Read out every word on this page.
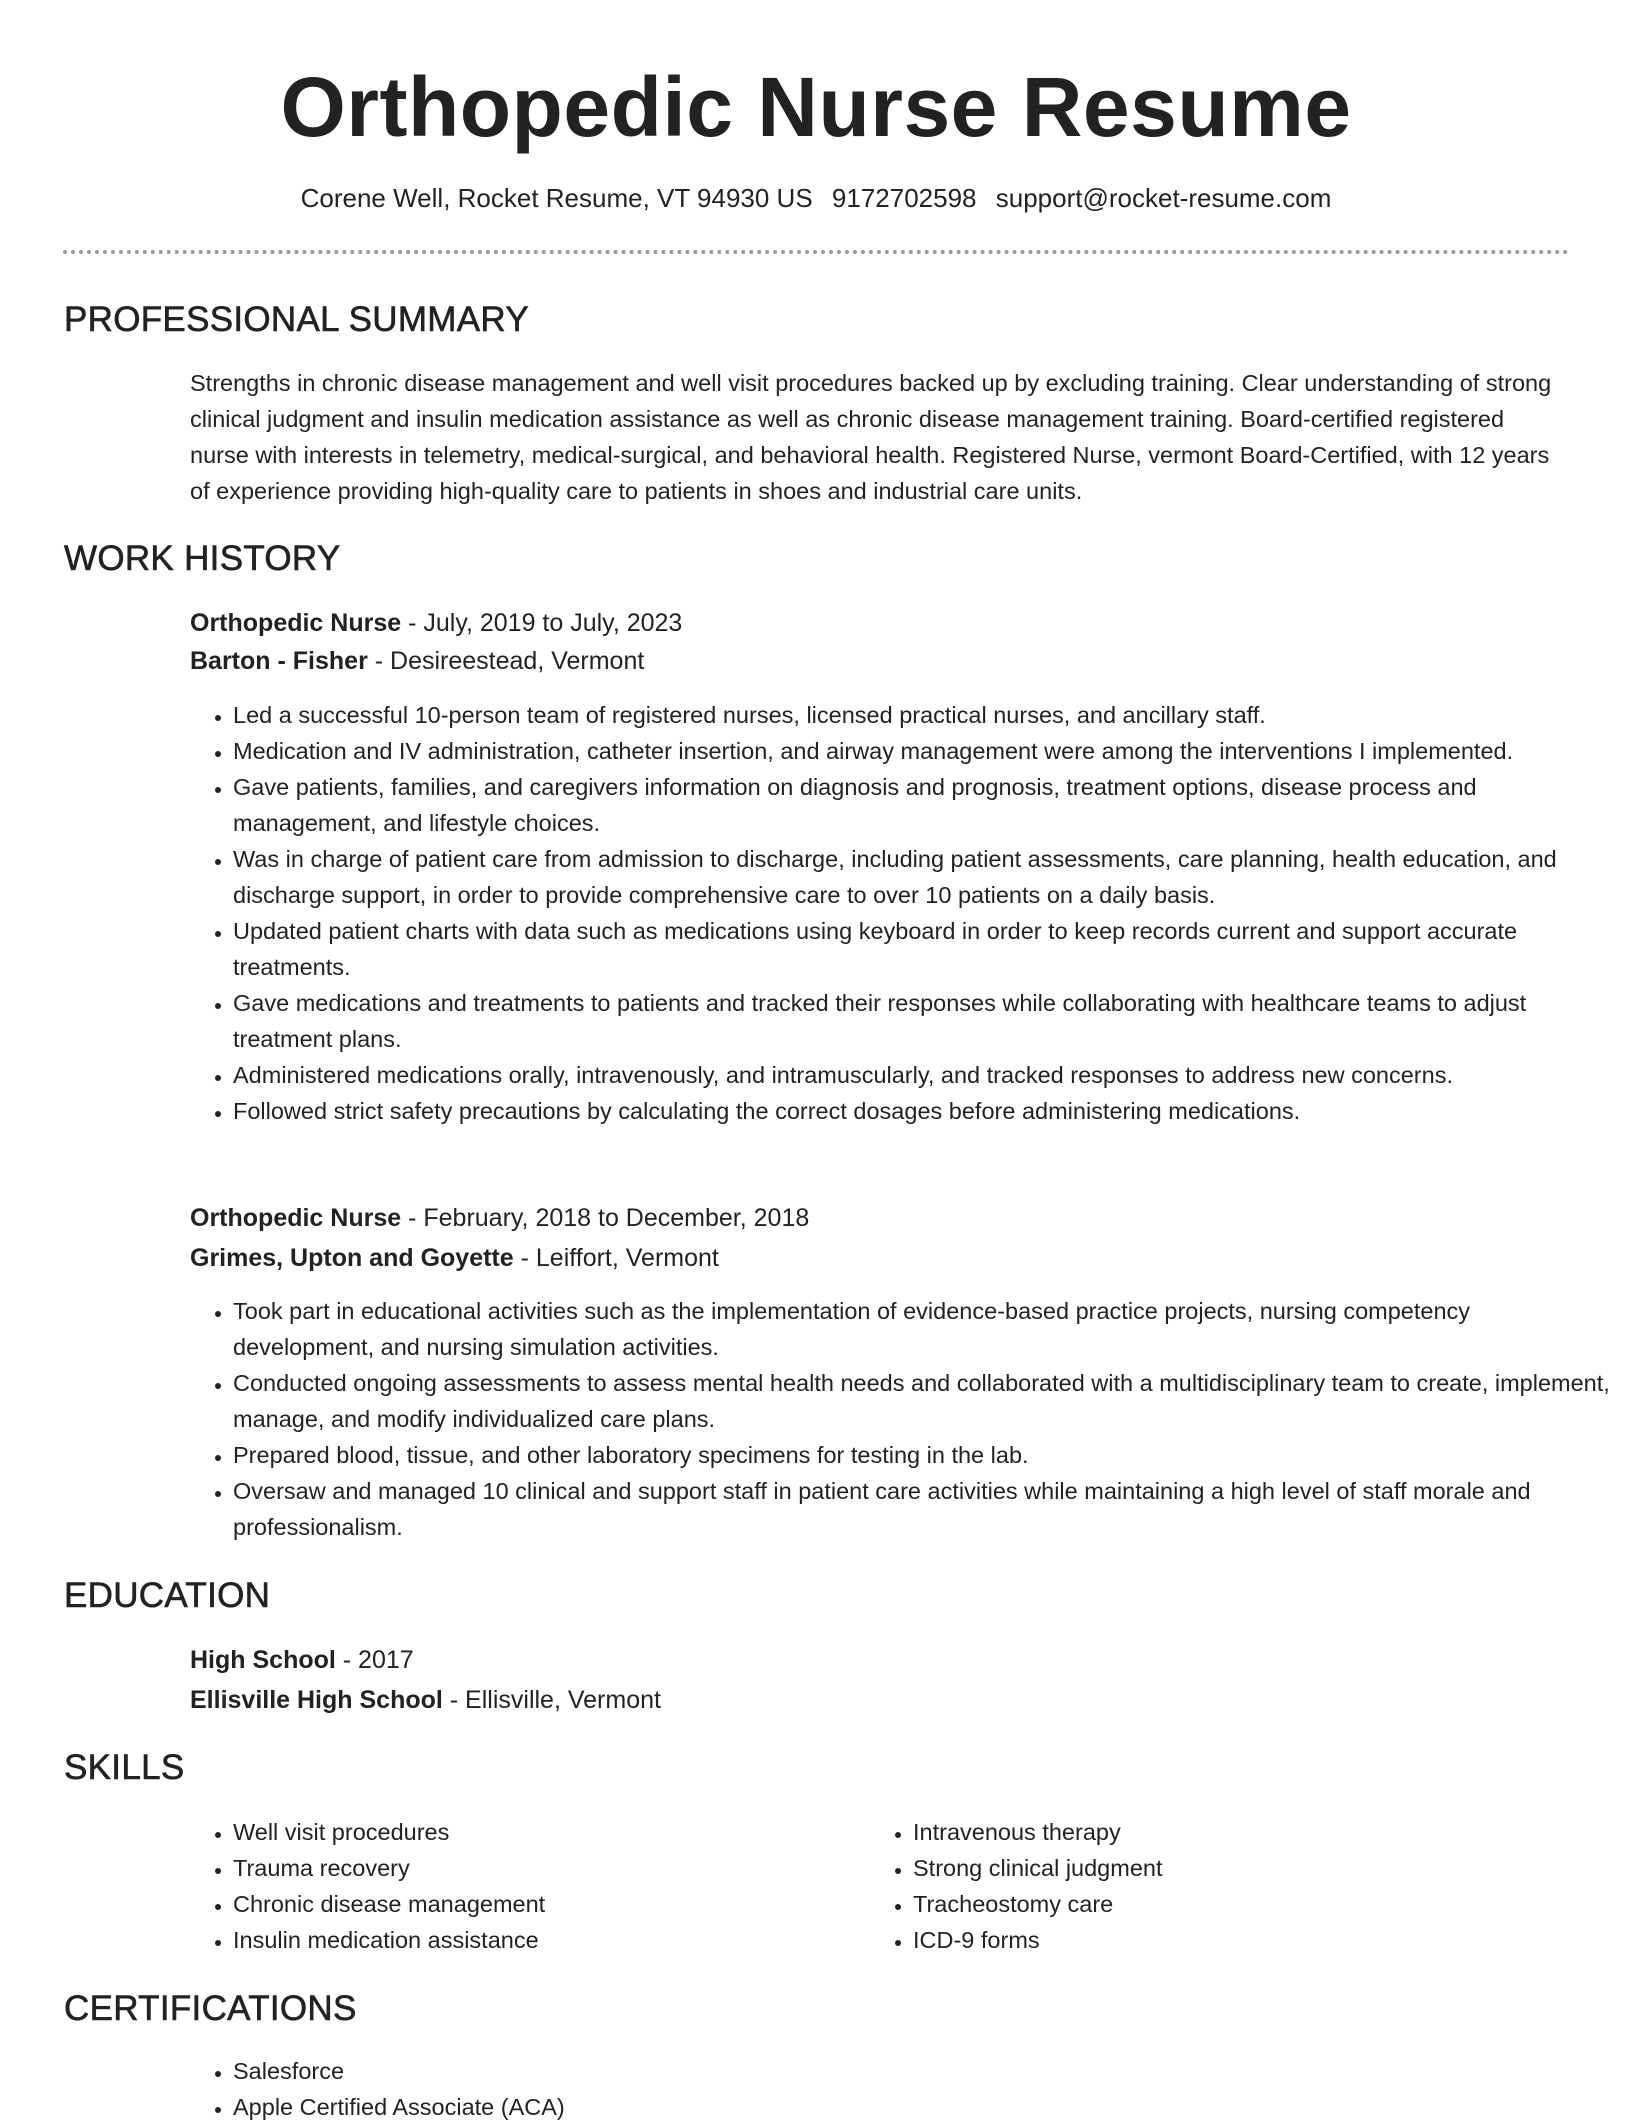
Orthopedic Nurse Resume
Corene Well, Rocket Resume, VT 94930 US 9172702598 support@rocket-resume.com
PROFESSIONAL SUMMARY

Strengths in chronic disease management and well visit procedures backed up by excluding training. Clear understanding of strong clinical judgment and insulin medication assistance as well as chronic disease management training. Board-certified registered nurse with interests in telemetry, medical-surgical, and behavioral health. Registered Nurse, vermont Board-Certified, with 12 years of experience providing high-quality care to patients in shoes and industrial care units.

WORK HISTORY
Orthopedic Nurse - July, 2019 to July, 2023
Barton - Fisher - Desireestead, Vermont
• Led a successful 10-person team of registered nurses, licensed practical nurses, and ancillary staff.
• Medication and IV administration, catheter insertion, and airway management were among the interventions I implemented.
• Gave patients, families, and caregivers information on diagnosis and prognosis, treatment options, disease process and management, and lifestyle choices.
• Was in charge of patient care from admission to discharge, including patient assessments, care planning, health education, and discharge support, in order to provide comprehensive care to over 10 patients on a daily basis.
• Updated patient charts with data such as medications using keyboard in order to keep records current and support accurate treatments.
• Gave medications and treatments to patients and tracked their responses while collaborating with healthcare teams to adjust treatment plans.
• Administered medications orally, intravenously, and intramuscularly, and tracked responses to address new concerns.
• Followed strict safety precautions by calculating the correct dosages before administering medications.
Orthopedic Nurse - February, 2018 to December, 2018
Grimes, Upton and Goyette - Leiffort, Vermont
• Took part in educational activities such as the implementation of evidence-based practice projects, nursing competency development, and nursing simulation activities.
• Conducted ongoing assessments to assess mental health needs and collaborated with a multidisciplinary team to create, implement, manage, and modify individualized care plans.
• Prepared blood, tissue, and other laboratory specimens for testing in the lab.
• Oversaw and managed 10 clinical and support staff in patient care activities while maintaining a high level of staff morale and professionalism.
EDUCATION
High School - 2017
Ellisville High School - Ellisville, Vermont
SKILLS
• Well visit procedures
• Trauma recovery
• Chronic disease management
• Insulin medication assistance
• Intravenous therapy
• Strong clinical judgment
• Tracheostomy care
• ICD-9 forms
CERTIFICATIONS
• Salesforce
• Apple Certified Associate (ACA)
